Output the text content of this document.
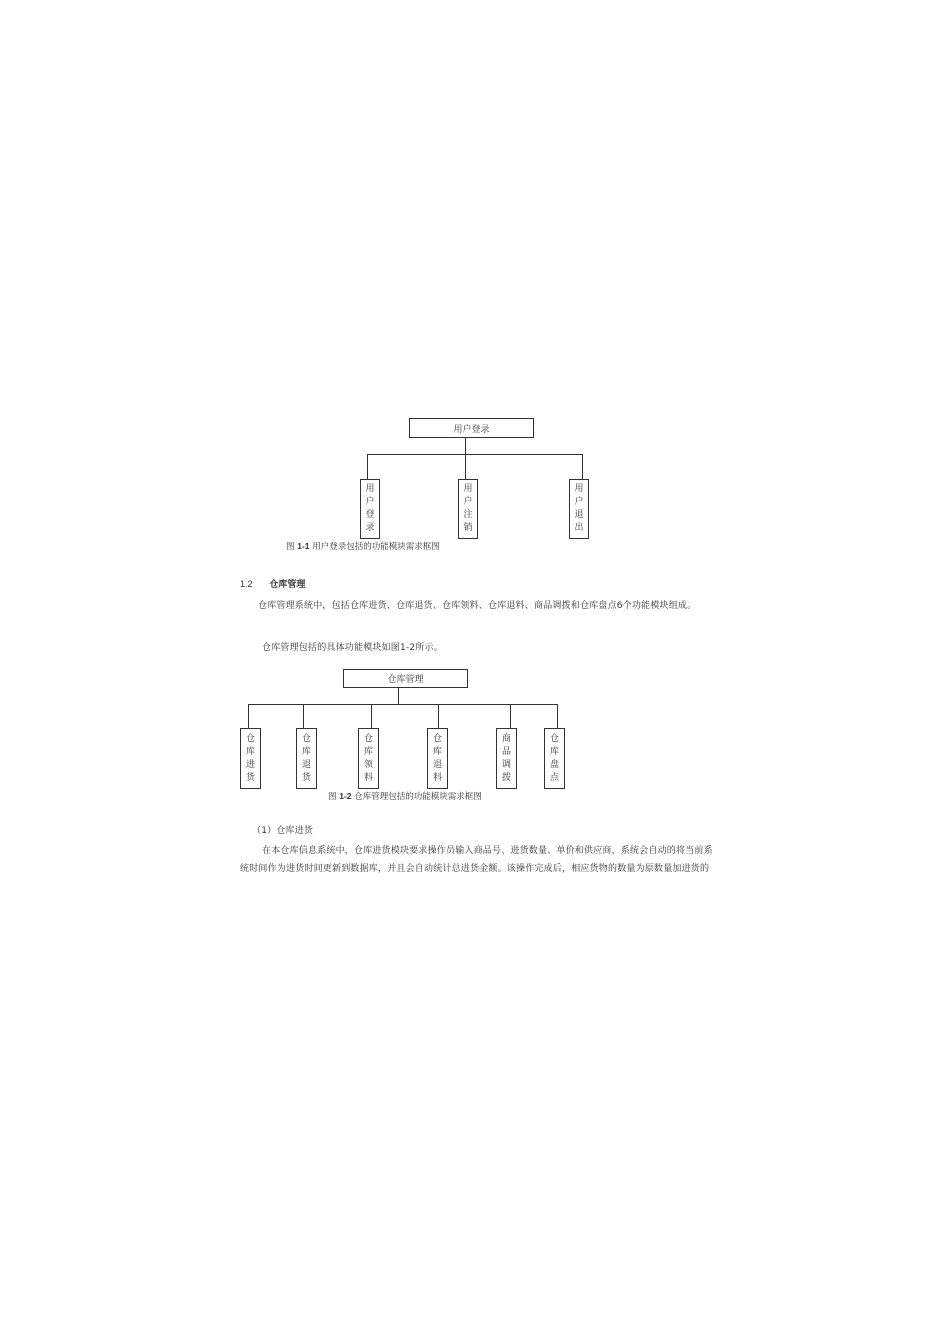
用户登录
用
户
登
录
用
户
注
销
用
户
退
出
图 1-1 用户登录包括的功能模块需求框图
1.2 仓库管理
仓库管理系统中，包括仓库进货、仓库退货、仓库领料、仓库退料、商品调拨和仓库盘点6个功能模块组成。
仓库管理包括的具体功能模块如图1-2所示。
仓库管理
仓
库
进
货
仓
库
退
货
仓
库
领
料
仓
库
退
料
商
品
调
拨
仓
库
盘
点
图 1-2 仓库管理包括的功能模块需求框图
（1）仓库进货
在本仓库信息系统中，仓库进货模块要求操作员输入商品号、进货数量、单价和供应商，系统会自动的将当前系
统时间作为进货时间更新到数据库，并且会自动统计总进货金额。该操作完成后，相应货物的数量为原数量加进货的
